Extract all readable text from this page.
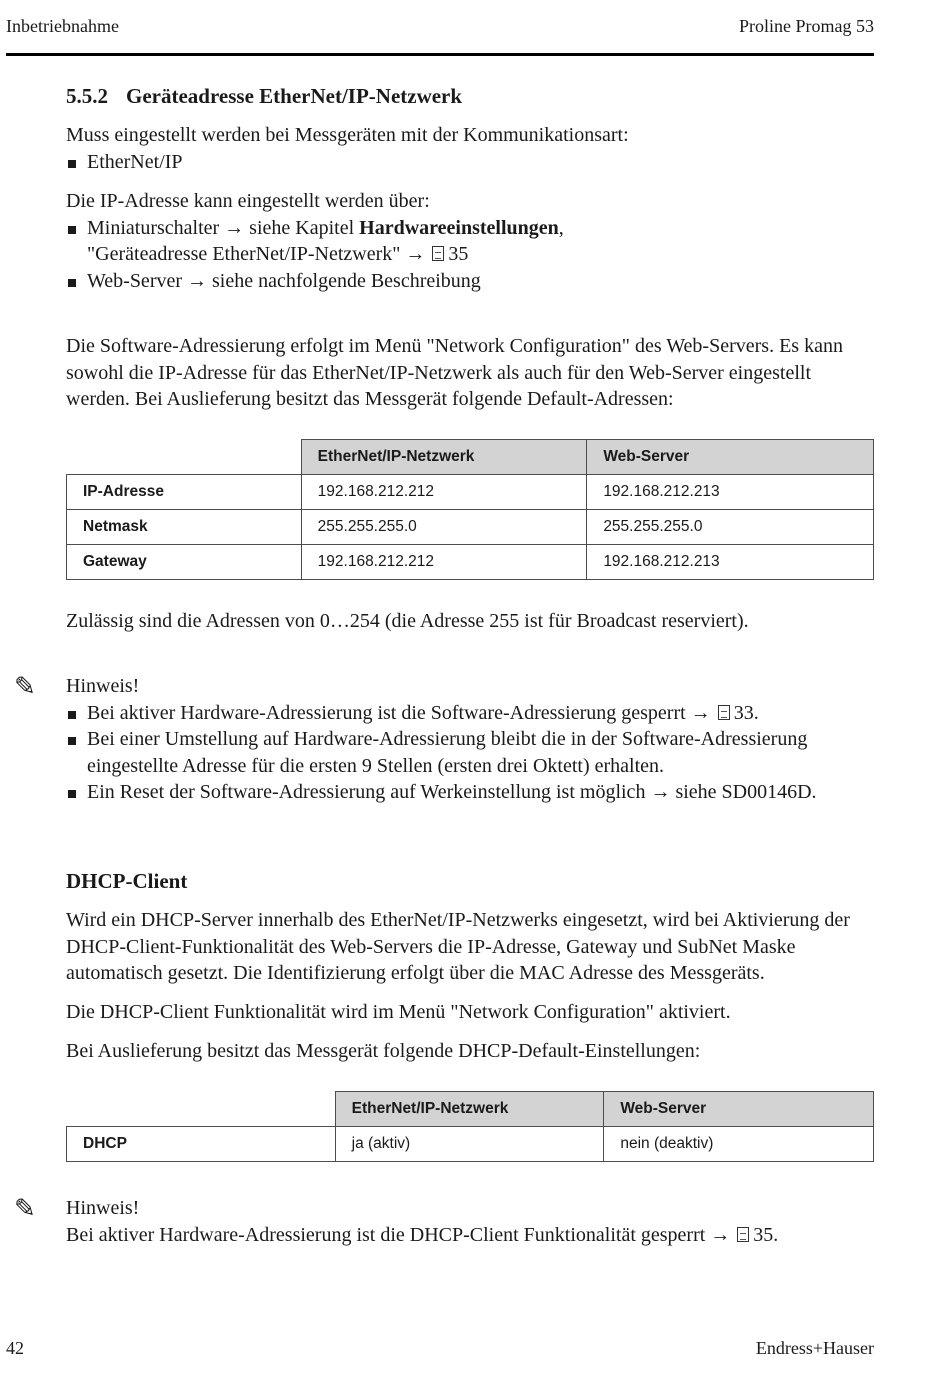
Inbetriebnahme	Proline Promag 53
5.5.2 Geräteadresse EtherNet/IP-Netzwerk

Muss eingestellt werden bei Messgeräten mit der Kommunikationsart:

EtherNet/IP

Die IP-Adresse kann eingestellt werden über:

Miniaturschalter → siehe Kapitel Hardwareeinstellungen,
"Geräteadresse EtherNet/IP-Netzwerk" → 35
Web-Server → siehe nachfolgende Beschreibung

Die Software-Adressierung erfolgt im Menü "Network Configuration" des Web-Servers. Es kann sowohl die IP-Adresse für das EtherNet/IP-Netzwerk als auch für den Web-Server eingestellt werden. Bei Auslieferung besitzt das Messgerät folgende Default-Adressen:

	EtherNet/IP-Netzwerk	Web-Server
IP-Adresse	192.168.212.212	192.168.212.213
Netmask	255.255.255.0	255.255.255.0
Gateway	192.168.212.212	192.168.212.213

Zulässig sind die Adressen von 0…254 (die Adresse 255 ist für Broadcast reserviert).

✎ Hinweis!

Bei aktiver Hardware-Adressierung ist die Software-Adressierung gesperrt → 33.
Bei einer Umstellung auf Hardware-Adressierung bleibt die in der Software-Adressierung eingestellte Adresse für die ersten 9 Stellen (ersten drei Oktett) erhalten.
Ein Reset der Software-Adressierung auf Werkeinstellung ist möglich → siehe SD00146D.
DHCP-Client

Wird ein DHCP-Server innerhalb des EtherNet/IP-Netzwerks eingesetzt, wird bei Aktivierung der DHCP-Client-Funktionalität des Web-Servers die IP-Adresse, Gateway und SubNet Maske automatisch gesetzt. Die Identifizierung erfolgt über die MAC Adresse des Messgeräts.

Die DHCP-Client Funktionalität wird im Menü "Network Configuration" aktiviert.

Bei Auslieferung besitzt das Messgerät folgende DHCP-Default-Einstellungen:

	EtherNet/IP-Netzwerk	Web-Server
DHCP	ja (aktiv)	nein (deaktiv)
✎ Hinweis!

Bei aktiver Hardware-Adressierung ist die DHCP-Client Funktionalität gesperrt → 35.

42	Endress+Hauser
